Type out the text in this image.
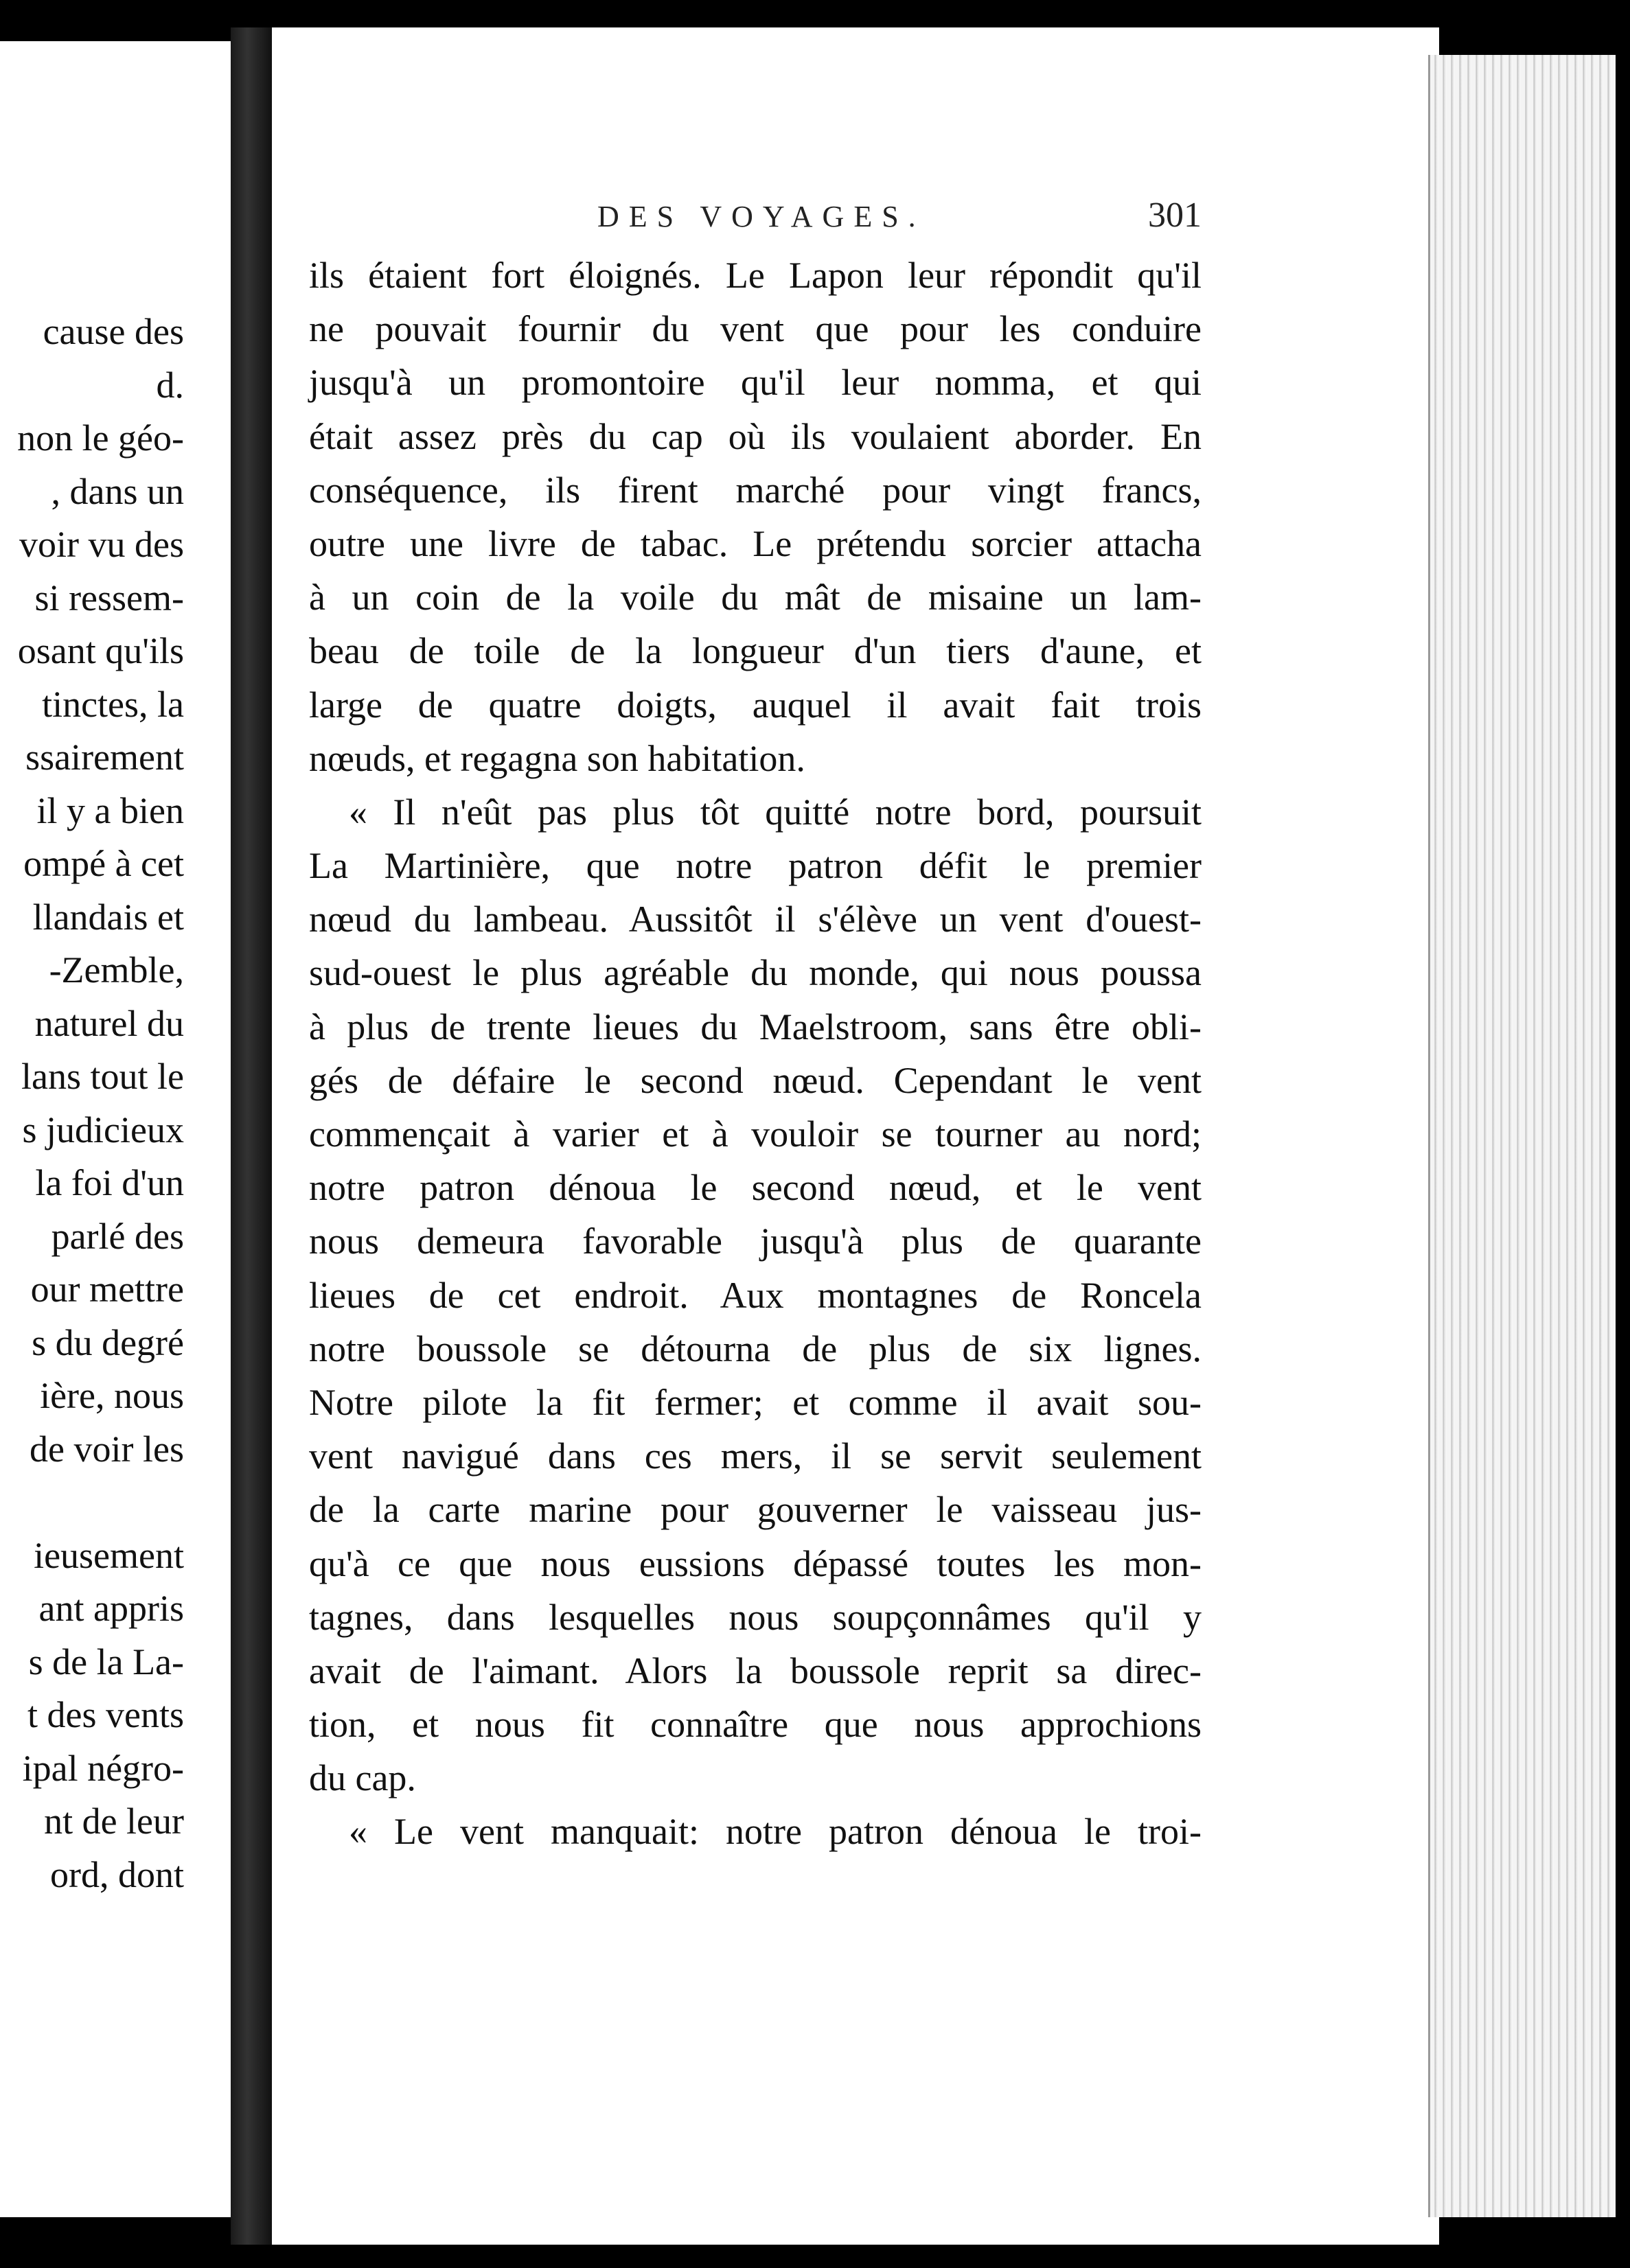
cause des
d.
non le géo-
, dans un
voir vu des
si ressem-
osant qu'ils
tinctes, la
ssairement
il y a bien
ompé à cet
llandais et
-Zemble,
naturel du
lans tout le
s judicieux
la foi d'un
parlé des
our mettre
s du degré
ière, nous
de voir les
ieusement
ant appris
s de la La-
t des vents
ipal négro-
nt de leur
ord, dont
DES VOYAGES.	301
ils étaient fort éloignés. Le Lapon leur répondit qu'il
ne pouvait fournir du vent que pour les conduire
jusqu'à un promontoire qu'il leur nomma, et qui
était assez près du cap où ils voulaient aborder. En
conséquence, ils firent marché pour vingt francs,
outre une livre de tabac. Le prétendu sorcier attacha
à un coin de la voile du mât de misaine un lam-
beau de toile de la longueur d'un tiers d'aune, et
large de quatre doigts, auquel il avait fait trois
nœuds, et regagna son habitation.
« Il n'eût pas plus tôt quitté notre bord, poursuit
La Martinière, que notre patron défit le premier
nœud du lambeau. Aussitôt il s'élève un vent d'ouest-
sud-ouest le plus agréable du monde, qui nous poussa
à plus de trente lieues du Maelstroom, sans être obli-
gés de défaire le second nœud. Cependant le vent
commençait à varier et à vouloir se tourner au nord;
notre patron dénoua le second nœud, et le vent
nous demeura favorable jusqu'à plus de quarante
lieues de cet endroit. Aux montagnes de Roncela
notre boussole se détourna de plus de six lignes.
Notre pilote la fit fermer; et comme il avait sou-
vent navigué dans ces mers, il se servit seulement
de la carte marine pour gouverner le vaisseau jus-
qu'à ce que nous eussions dépassé toutes les mon-
tagnes, dans lesquelles nous soupçonnâmes qu'il y
avait de l'aimant. Alors la boussole reprit sa direc-
tion, et nous fit connaître que nous approchions
du cap.
« Le vent manquait: notre patron dénoua le troi-
